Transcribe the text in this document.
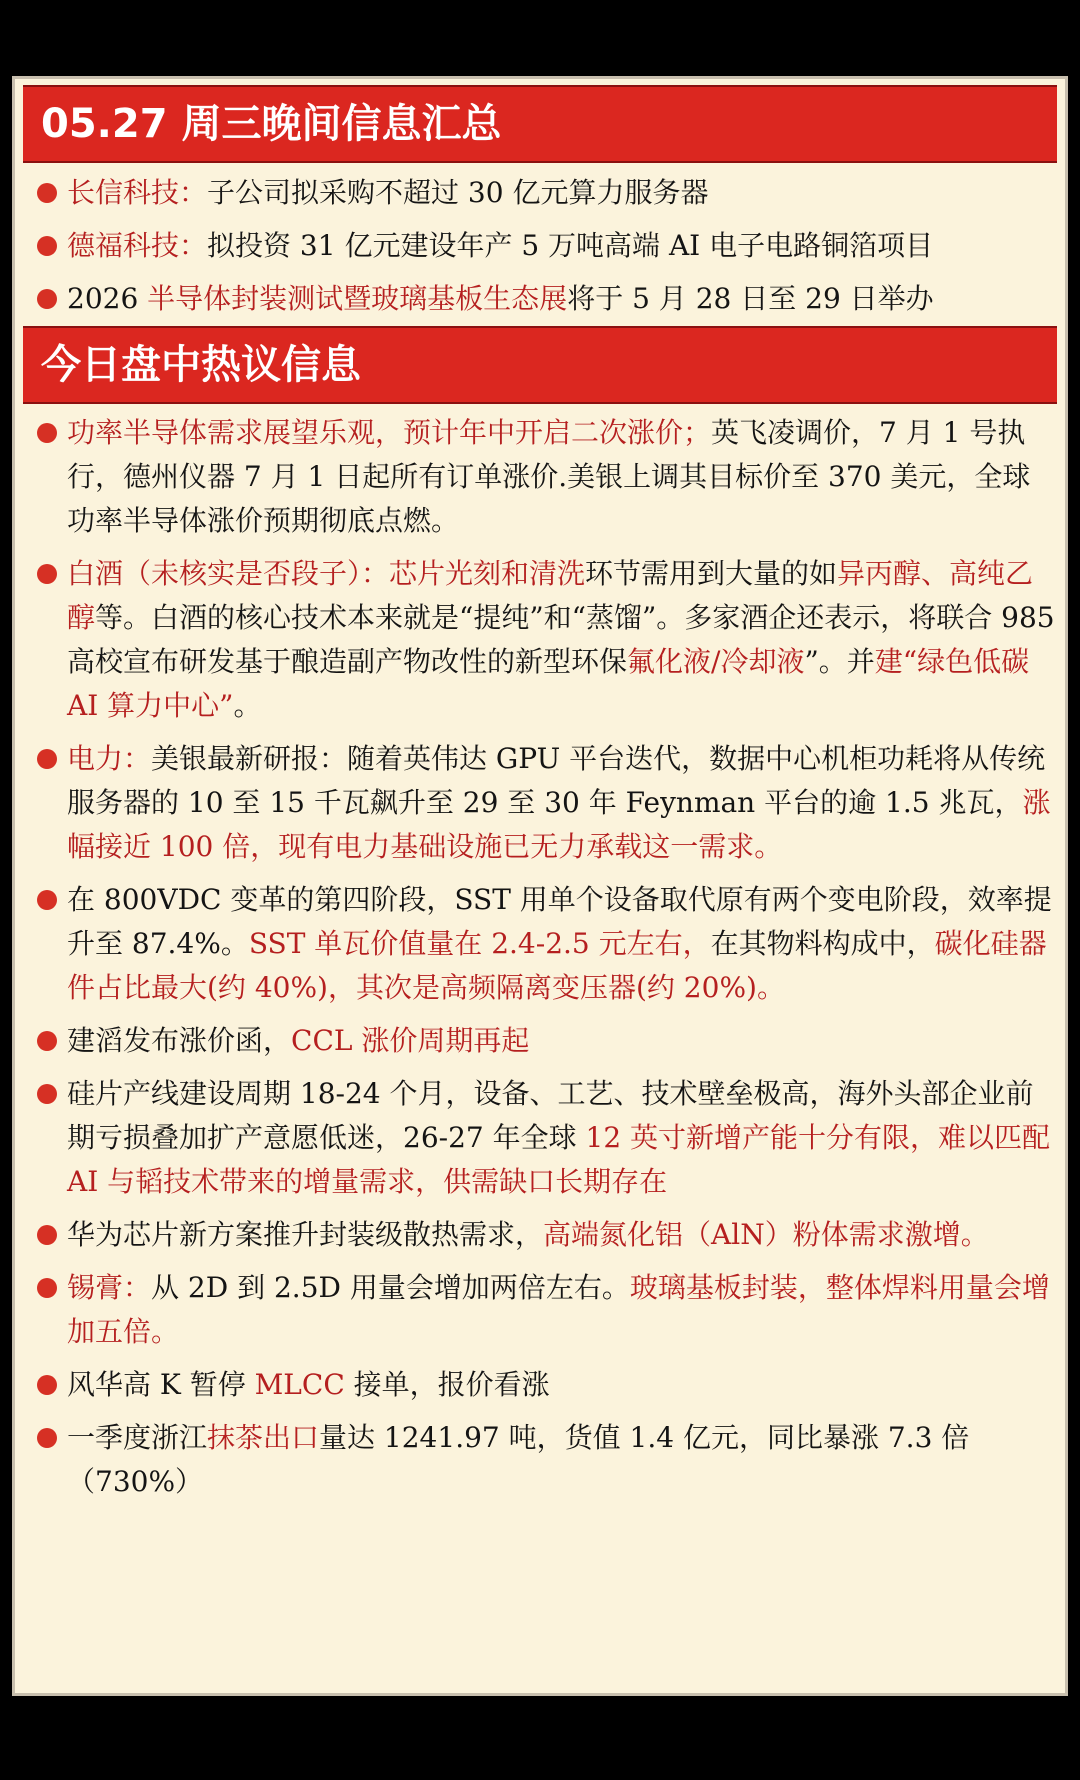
05.27 周三晚间信息汇总
长信科技：子公司拟采购不超过 30 亿元算力服务器
德福科技：拟投资 31 亿元建设年产 5 万吨高端 AI 电子电路铜箔项目
2026 半导体封装测试暨玻璃基板生态展将于 5 月 28 日至 29 日举办
今日盘中热议信息
功率半导体需求展望乐观，预计年中开启二次涨价；英飞凌调价，7 月 1 号执行，德州仪器 7 月 1 日起所有订单涨价.美银上调其目标价至 370 美元，全球功率半导体涨价预期彻底点燃。
白酒（未核实是否段子）：芯片光刻和清洗环节需用到大量的如异丙醇、高纯乙醇等。白酒的核心技术本来就是“提纯”和“蒸馏”。多家酒企还表示，将联合 985 高校宣布研发基于酿造副产物改性的新型环保氟化液/冷却液”。并建“绿色低碳 AI 算力中心”。
电力：美银最新研报：随着英伟达 GPU 平台迭代，数据中心机柜功耗将从传统服务器的 10 至 15 千瓦飙升至 29 至 30 年 Feynman 平台的逾 1.5 兆瓦，涨幅接近 100 倍，现有电力基础设施已无力承载这一需求。
在 800VDC 变革的第四阶段，SST 用单个设备取代原有两个变电阶段，效率提升至 87.4%。SST 单瓦价值量在 2.4-2.5 元左右，在其物料构成中，碳化硅器件占比最大(约 40%)，其次是高频隔离变压器(约 20%)。
建滔发布涨价函，CCL 涨价周期再起
硅片产线建设周期 18-24 个月，设备、工艺、技术壁垒极高，海外头部企业前期亏损叠加扩产意愿低迷，26-27 年全球 12 英寸新增产能十分有限，难以匹配 AI 与韬技术带来的增量需求，供需缺口长期存在
华为芯片新方案推升封装级散热需求，高端氮化铝（AlN）粉体需求激增。
锡膏：从 2D 到 2.5D 用量会增加两倍左右。玻璃基板封装，整体焊料用量会增加五倍。
风华高 K 暂停 MLCC 接单，报价看涨
一季度浙江抹茶出口量达 1241.97 吨，货值 1.4 亿元，同比暴涨 7.3 倍（730%）
